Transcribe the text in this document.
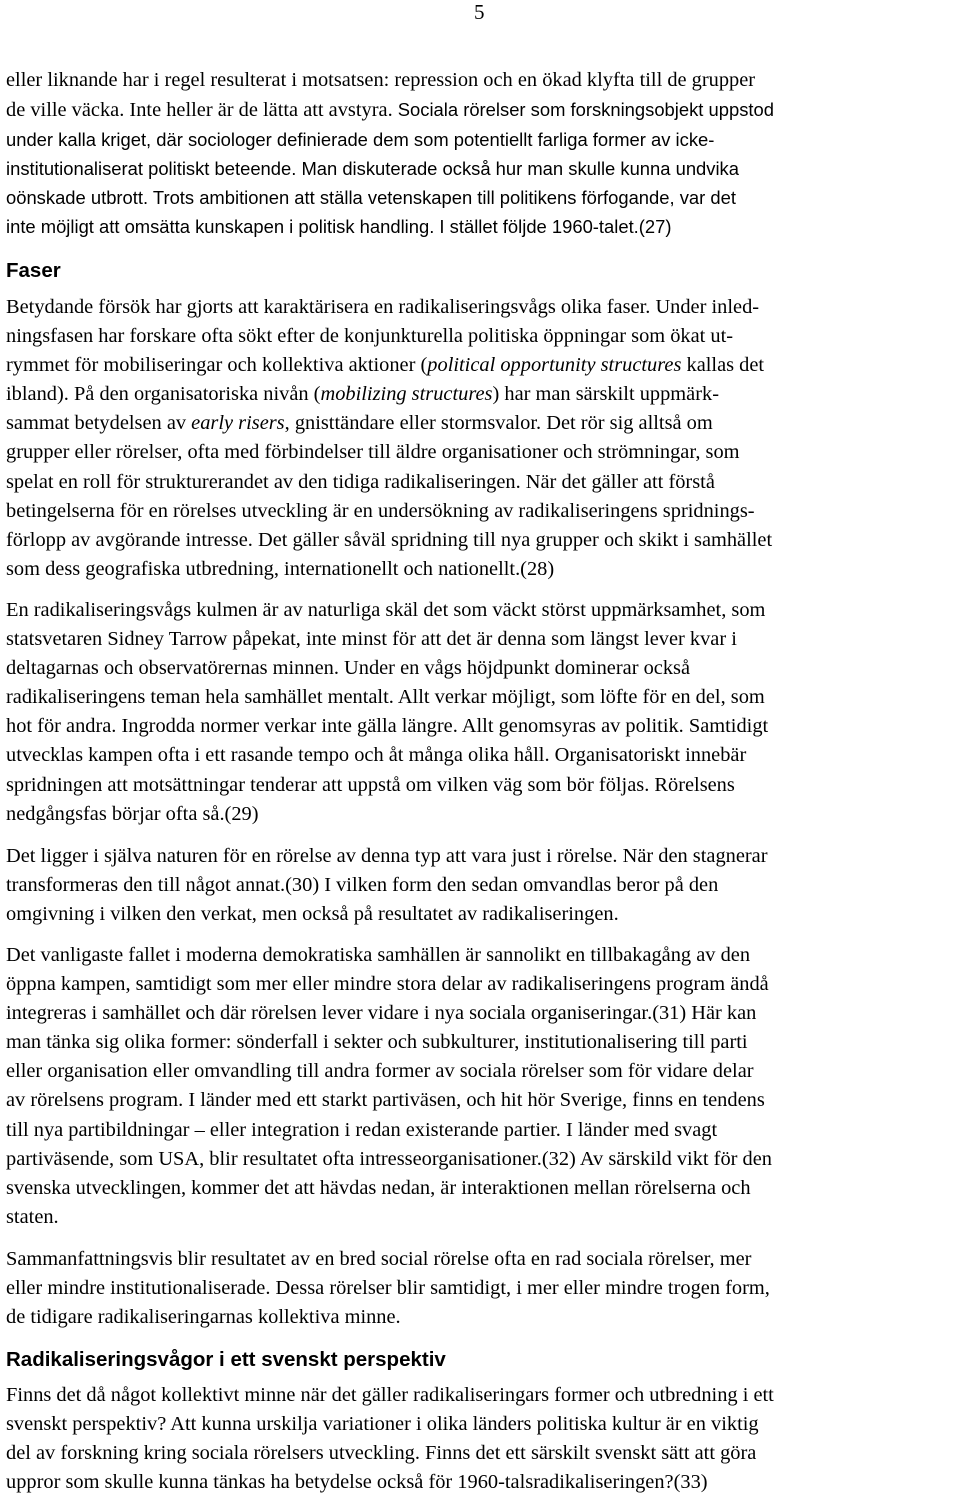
5
eller liknande har i regel resulterat i motsatsen: repression och en ökad klyfta till de grupper
de ville väcka. Inte heller är de lätta att avstyra. Sociala rörelser som forskningsobjekt uppstod
under kalla kriget, där sociologer definierade dem som potentiellt farliga former av icke-
institutionaliserat politiskt beteende. Man diskuterade också hur man skulle kunna undvika
oönskade utbrott. Trots ambitionen att ställa vetenskapen till politikens förfogande, var det
inte möjligt att omsätta kunskapen i politisk handling. I stället följde 1960-talet.(27)
Faser
Betydande försök har gjorts att karaktärisera en radikaliseringsvågs olika faser. Under inled-
ningsfasen har forskare ofta sökt efter de konjunkturella politiska öppningar som ökat ut-
rymmet för mobiliseringar och kollektiva aktioner (political opportunity structures kallas det
ibland). På den organisatoriska nivån (mobilizing structures) har man särskilt uppmärk-
sammat betydelsen av early risers, gnisttändare eller stormsvalor. Det rör sig alltså om
grupper eller rörelser, ofta med förbindelser till äldre organisationer och strömningar, som
spelat en roll för strukturerandet av den tidiga radikaliseringen. När det gäller att förstå
betingelserna för en rörelses utveckling är en undersökning av radikaliseringens spridnings-
förlopp av avgörande intresse. Det gäller såväl spridning till nya grupper och skikt i samhället
som dess geografiska utbredning, internationellt och nationellt.(28)
En radikaliseringsvågs kulmen är av naturliga skäl det som väckt störst uppmärksamhet, som
statsvetaren Sidney Tarrow påpekat, inte minst för att det är denna som längst lever kvar i
deltagarnas och observatörernas minnen. Under en vågs höjdpunkt dominerar också
radikaliseringens teman hela samhället mentalt. Allt verkar möjligt, som löfte för en del, som
hot för andra. Ingrodda normer verkar inte gälla längre. Allt genomsyras av politik. Samtidigt
utvecklas kampen ofta i ett rasande tempo och åt många olika håll. Organisatoriskt innebär
spridningen att motsättningar tenderar att uppstå om vilken väg som bör följas. Rörelsens
nedgångsfas börjar ofta så.(29)
Det ligger i själva naturen för en rörelse av denna typ att vara just i rörelse. När den stagnerar
transformeras den till något annat.(30) I vilken form den sedan omvandlas beror på den
omgivning i vilken den verkat, men också på resultatet av radikaliseringen.
Det vanligaste fallet i moderna demokratiska samhällen är sannolikt en tillbakagång av den
öppna kampen, samtidigt som mer eller mindre stora delar av radikaliseringens program ändå
integreras i samhället och där rörelsen lever vidare i nya sociala organiseringar.(31) Här kan
man tänka sig olika former: sönderfall i sekter och subkulturer, institutionalisering till parti
eller organisation eller omvandling till andra former av sociala rörelser som för vidare delar
av rörelsens program. I länder med ett starkt partiväsen, och hit hör Sverige, finns en tendens
till nya partibildningar – eller integration i redan existerande partier. I länder med svagt
partiväsende, som USA, blir resultatet ofta intresseorganisationer.(32) Av särskild vikt för den
svenska utvecklingen, kommer det att hävdas nedan, är interaktionen mellan rörelserna och
staten.
Sammanfattningsvis blir resultatet av en bred social rörelse ofta en rad sociala rörelser, mer
eller mindre institutionaliserade. Dessa rörelser blir samtidigt, i mer eller mindre trogen form,
de tidigare radikaliseringarnas kollektiva minne.
Radikaliseringsvågor i ett svenskt perspektiv
Finns det då något kollektivt minne när det gäller radikaliseringars former och utbredning i ett
svenskt perspektiv? Att kunna urskilja variationer i olika länders politiska kultur är en viktig
del av forskning kring sociala rörelsers utveckling. Finns det ett särskilt svenskt sätt att göra
uppror som skulle kunna tänkas ha betydelse också för 1960-talsradikaliseringen?(33)
